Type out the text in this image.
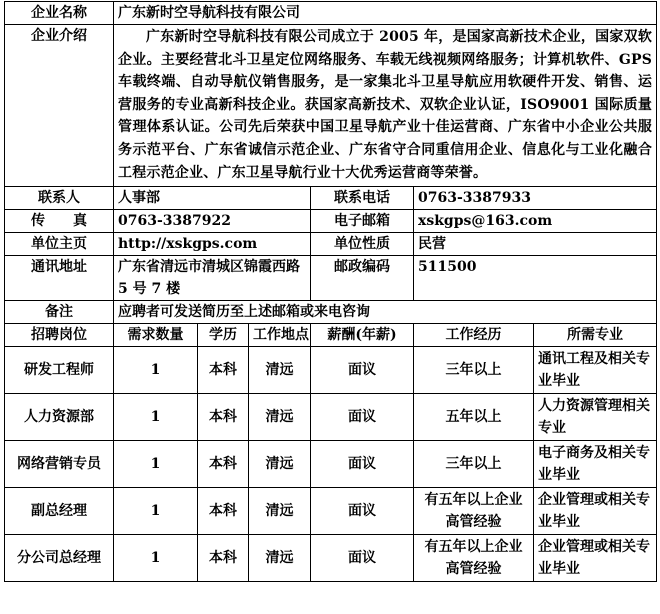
企业名称	广东新时空导航科技有限公司					
企业介绍	广东新时空导航科技有限公司成立于 2005 年，是国家高新技术企业，国家双软企业。主要经营北斗卫星定位网络服务、车载无线视频网络服务；计算机软件、GPS 车载终端、自动导航仪销售服务，是一家集北斗卫星导航应用软硬件开发、销售、运营服务的专业高新科技企业。获国家高新技术、双软企业认证，ISO9001 国际质量管理体系认证。公司先后荣获中国卫星导航产业十佳运营商、广东省中小企业公共服务示范平台、广东省诚信示范企业、广东省守合同重信用企业、信息化与工业化融合工程示范企业、广东卫星导航行业十大优秀运营商等荣誉。					
联系人	人事部			联系电话	0763-3387933	
传　　真	0763-3387922			电子邮箱	xskgps@163.com	
单位主页	http://xskgps.com			单位性质	民营	
通讯地址	广东省清远市清城区锦霞西路 5 号 7 楼			邮政编码	511500	
备注	应聘者可发送简历至上述邮箱或来电咨询					
招聘岗位	需求数量	学历	工作地点	薪酬(年薪)	工作经历	所需专业
研发工程师	1	本科	清远	面议	三年以上	通讯工程及相关专业毕业
人力资源部	1	本科	清远	面议	五年以上	人力资源管理相关专业
网络营销专员	1	本科	清远	面议	三年以上	电子商务及相关专业毕业
副总经理	1	本科	清远	面议	有五年以上企业高管经验	企业管理或相关专业毕业
分公司总经理	1	本科	清远	面议	有五年以上企业高管经验	企业管理或相关专业毕业
